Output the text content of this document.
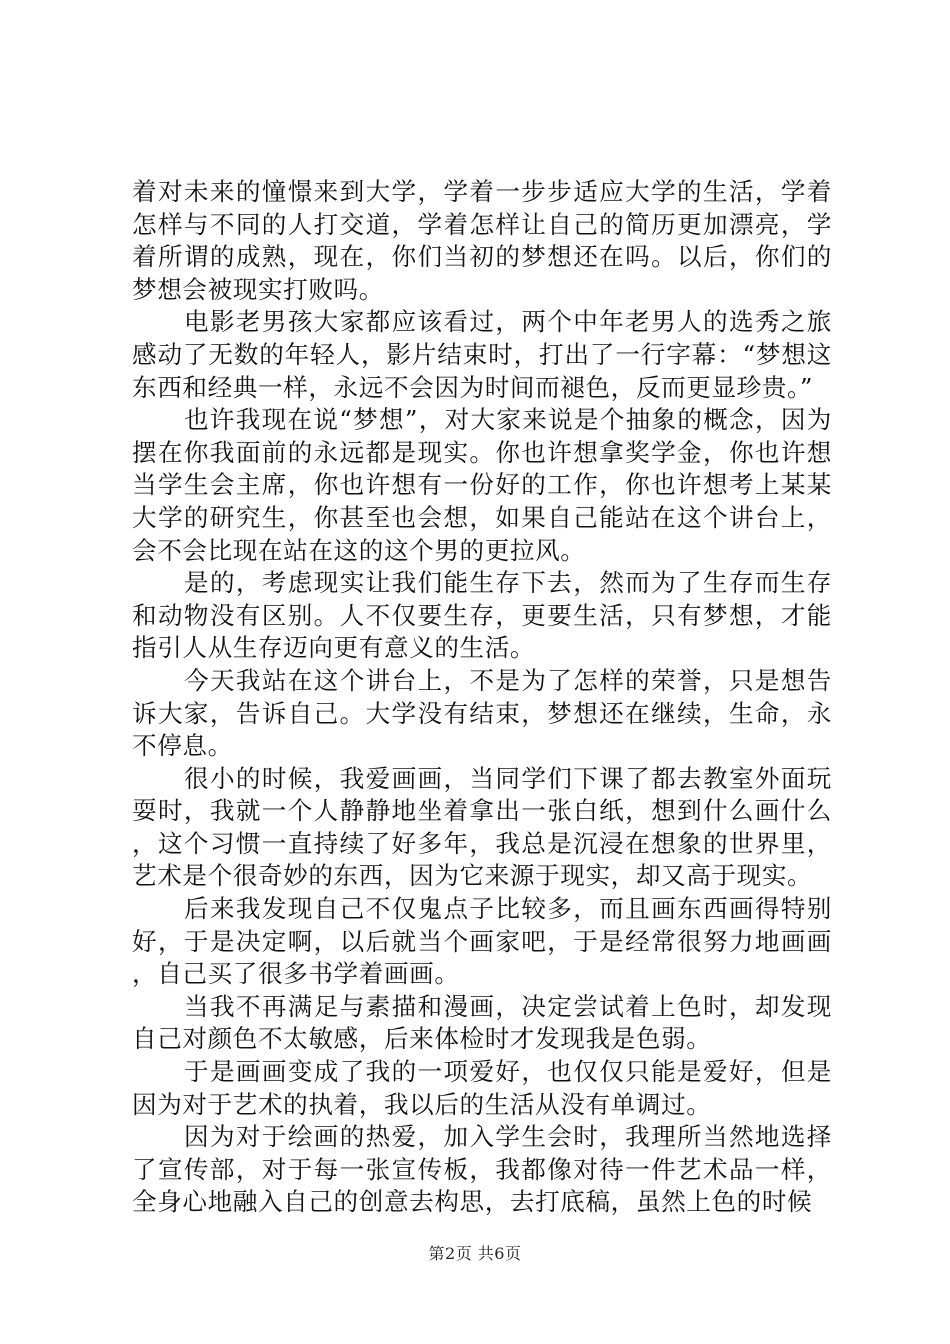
着对未来的憧憬来到大学，学着一步步适应大学的生活，学着怎样与不同的人打交道，学着怎样让自己的简历更加漂亮，学着所谓的成熟，现在，你们当初的梦想还在吗。以后，你们的梦想会被现实打败吗。

电影老男孩大家都应该看过，两个中年老男人的选秀之旅感动了无数的年轻人，影片结束时，打出了一行字幕：“梦想这东西和经典一样，永远不会因为时间而褪色，反而更显珍贵。”

也许我现在说“梦想”，对大家来说是个抽象的概念，因为摆在你我面前的永远都是现实。你也许想拿奖学金，你也许想当学生会主席，你也许想有一份好的工作，你也许想考上某某大学的研究生，你甚至也会想，如果自己能站在这个讲台上，会不会比现在站在这的这个男的更拉风。

是的，考虑现实让我们能生存下去，然而为了生存而生存和动物没有区别。人不仅要生存，更要生活，只有梦想，才能指引人从生存迈向更有意义的生活。

今天我站在这个讲台上，不是为了怎样的荣誉，只是想告诉大家，告诉自己。大学没有结束，梦想还在继续，生命，永不停息。

很小的时候，我爱画画，当同学们下课了都去教室外面玩耍时，我就一个人静静地坐着拿出一张白纸，想到什么画什么，这个习惯一直持续了好多年，我总是沉浸在想象的世界里，艺术是个很奇妙的东西，因为它来源于现实，却又高于现实。

后来我发现自己不仅鬼点子比较多，而且画东西画得特别好，于是决定啊，以后就当个画家吧，于是经常很努力地画画，自己买了很多书学着画画。

当我不再满足与素描和漫画，决定尝试着上色时，却发现自己对颜色不太敏感，后来体检时才发现我是色弱。

于是画画变成了我的一项爱好，也仅仅只能是爱好，但是因为对于艺术的执着，我以后的生活从没有单调过。

因为对于绘画的热爱，加入学生会时，我理所当然地选择了宣传部，对于每一张宣传板，我都像对待一件艺术品一样，全身心地融入自己的创意去构思，去打底稿，虽然上色的时候

第2页 共6页
